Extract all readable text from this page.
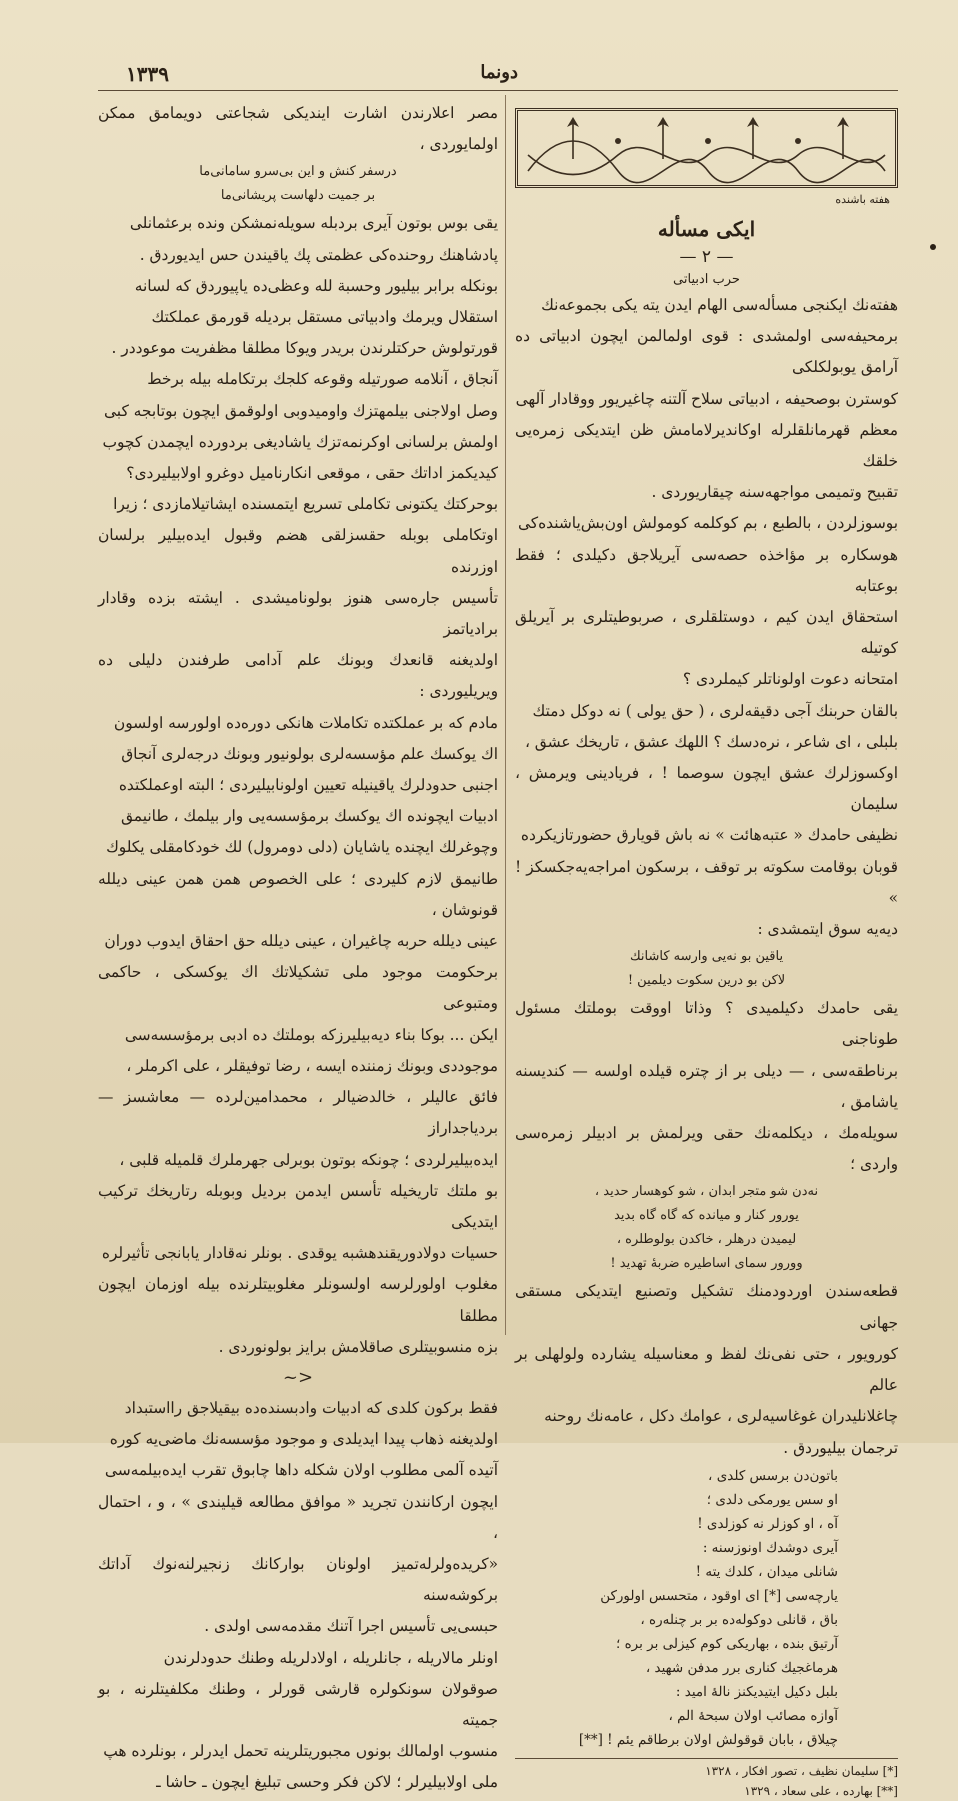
۱۳۳۹	دونما

مصر اعلارندن اشارت ایندیکی شجاعتی دویمامق ممکن اولمایوردی ،

درسفر کنش و این بی‌سرو سامانی‌ما

بر جمیت دلهاست پریشانی‌ما

یقی بوس بوتون آیری بردبله سویله‌نمشکن ونده برعثمانلی

پادشاهنك روحنده‌کی عظمتی پك یاقیندن حس ایدیوردق .

بونکله برابر بیلیور وحسبة لله وعظی‌ده یاپیوردق که لسانه

استقلال ویرمك وادبیاتی مستقل بردیله قورمق عملکتك

قورتولوش حرکتلرندن بریدر ویوکا مطلقا مظفریت موعوددر .

آنجاق ، آنلامه صورتیله وقوعه کلجك برتکامله بیله برخط

وصل اولاجنی بیلمهتزك واومیدوبی اولوقمق ایچون بوتابجه کبی

اولمش برلسانی اوکرنمه‌تزك یاشادیغی بردورده ایچمدن کچوب

کیدیکمز اداتك حقی ، موقعی انکارنامیل دوغرو اولابیلیردی؟

بوحرکتك یکتونی تکاملی تسریع ایتمسنده ایشاتیلامازدی ؛ زیرا

اوتکاملی بوبله حقسزلقی هضم وقبول ایده‌بیلیر برلسان اوزرنده

تأسیس جاره‌سی هنوز بولونامیشدی . ایشته بزده وقادار برادیاتمز

اولدیغنه قانعدك وبونك علم آدامی طرفندن دلیلی ده ویریلیوردی :

مادم که بر عملکتده تکاملات هانکی دوره‌ده اولورسه اولسون

اك یوکسك علم مؤسسه‌لری بولونیور وبونك درجه‌لری آنجاق

اجنبی حدودلرك یاقینیله تعیین اولونابیلیردی ؛ البته اوعملکتده

ادبیات ایچونده اك یوکسك برمؤسسه‌یی وار بیلمك ، طانیمق

وچوغرلك ایچنده یاشایان (دلی دومرول) لك خودکامقلی یکلوك

طانیمق لازم کلیردی ؛ علی الخصوص همن همن عینی دیلله قونوشان ،

عینی دیلله حربه چاغیران ، عینی دیلله حق احقاق ایدوب دوران

برحکومت موجود ملی تشکیلاتك اك یوکسکی ، حاکمی ومتبوعی

ایکن ... بوکا بناء دیه‌بیلیرزکه بوملتك ده ادبی برمؤسسه‌سی

موجوددی وبونك زمننده ایسه ، رضا توفیقلر ، علی اکرملر ،

فائق عالیلر ، خالدضیالر ، محمدامین‌لرده — معاشسز — بردیاجداراز

ایده‌بیلیرلردی ؛ چونکه بوتون بوبرلی جهرملرك قلمیله قلبی ،

بو ملتك تاریخیله تأسس ایدمن بردیل وبوبله رتاریخك ترکیب ایتدیکی

حسیات دولادوریقندهشبه یوقدی . بونلر نه‌قادار یابانجی تأثیرلره

مغلوب اولورلرسه اولسونلر مغلوبیتلرنده بیله اوزمان ایچون مطلقا

بزه منسوبیتلری صاقلامش برایز بولونوردی .

~>

فقط برکون کلدی که ادبیات وادبسنده‌ده بیقیلاجق رااستبداد

اولدیغنه ذهاب پیدا ایدیلدی و موجود مؤسسه‌نك ماضی‌یه کوره

آتیده آلمی مطلوب اولان شکله داها چابوق تقرب ایده‌بیلمه‌سی

ایچون ارکانندن تجرید « موافق مطالعه قیلیندی » ، و ، احتمال ،

«کریده‌ولرله‌تمیز اولونان بوارکانك زنجیرلنه‌نوك آداتك برکوشه‌سنه

حبسی‌یی تأسیس اجرا آتنك مقدمه‌سی اولدی .

اونلر مالاریله ، جانلریله ، اولادلریله وطنك حدودلرندن

صوقولان سونکولره قارشی قورلر ، وطنك مکلفیتلرنه ، بو جمیته

منسوب اولمالك بونوں مجبوریتلرینه تحمل ایدرلر ، بونلرده هپ

ملی اولابیلیرلر ؛ لاکن فکر وحسی تبلیغ ایچون ـ حاشا ـ

هفته باشنده
ایکی مسأله
— ۲ —
حرب ادبیاتی

هفته‌نك ایکنجی مسأله‌سی الهام ایدن یته یکی بجموعه‌نك

برمحیفه‌سی اولمشدی : قوی اولمالمن ایچون ادبیاتی ده آرامق یوبولکلکی

کوسترن بوصحیفه ، ادبیاتی سلاح آلتنه چاغیریور ووقادار آلهی

معظم قهرمانلقلرله اوکاندیرلامامش ظن ایتدیکی زمره‌یی خلقك

تقبیح وتمیمی مواجهه‌سنه چیقاریوردی .

بوسوزلردن ، بالطبع ، بم کوکلمه کومولش اون‌بش‌یاشنده‌کی

هوسکاره بر مؤاخذه حصه‌سی آیریلاجق دکیلدی ؛ فقط بوعتابه

استحقاق ایدن کیم ، دوستلقلری ، صربوطیتلری بر آیریلق کوتیله

امتحانه دعوت اولوناتلر کیملردی ؟

بالقان حربنك آجی دقیقه‌لری ، ( حق یولی ) نه دوکل دمتك

بلبلی ، ای شاعر ، نره‌دسك ؟ اللهك عشق ، تاریخك عشق ،

اوکسوزلرك عشق ایچون سوصما ! ، فریادینی ویرمش ، سلیمان

نظیفی حامدك « عتبه‌هائت » نه باش قویارق حضورتازیکرده

قوبان بوقامت سکوته بر توقف ، برسکون امراجه‌یه‌جکسکز ! »

دیه‌یه سوق ایتمشدی :

یاقین بو نه‌یی وارسه کاشانك

لاکن بو درین سکوت دیلمین !

یقی حامدك دکیلمیدی ؟ وذاتا اووقت بوملتك مسئول طوناجنی

برناطقه‌سی ، — دیلی بر از چتره قیلده اولسه — کندیسنه یاشامق ،

سویله‌مك ، دیکلمه‌نك حقی ویرلمش بر ادبیلر زمره‌سی واردی ؛

نه‌دن شو متجر ابدان ، شو کوهسار حدید ،

یورور کنار و میانده که گاه گاه بدید

لیمیدن درهلر ، خاکدن بولوطلره ،

وورور سمای اساطیره ضربهٔ تهدید !

قطعه‌سندن اوردودمنك تشکیل وتصنیع ایتدیکی مستقی جهانی

کورویور ، حتی نفی‌نك لفظ و معناسیله یشارده ولولهلی بر عالم

چاغلانلیدران غوغاسیه‌لری ، عوامك دکل ، عامه‌نك روحنه

ترجمان بیلیوردق .

باتون‌دن برسس کلدی ،

او سس یورمکی دلدی ؛

آه ، او کوزلر نه کوزلدی !

آیری دوشدك اونوزسنه :

شانلی میدان ، کلدك یته !

یارچه‌سی [*] ای اوقود ، متحسس اولورکن

باق ، قانلی دوکوله‌ده بر بر چنله‌ره ،

آرتیق بنده ، بهاریکی کوم کیزلی بر بره ؛

هرماغجیك کناری برر مدفن شهید ،

بلبل دکیل ایتیدیکنز نالهٔ امید :

آوازه مصائب اولان سبحهٔ الم ،

چیلاق ، بابان قوقولش اولان برطاقم یئم ! [**]

[*] سلیمان نظیف ، تصور افکار ، ۱۳۲۸

[**] بهارده ، علی سعاد ، ۱۳۲۹
